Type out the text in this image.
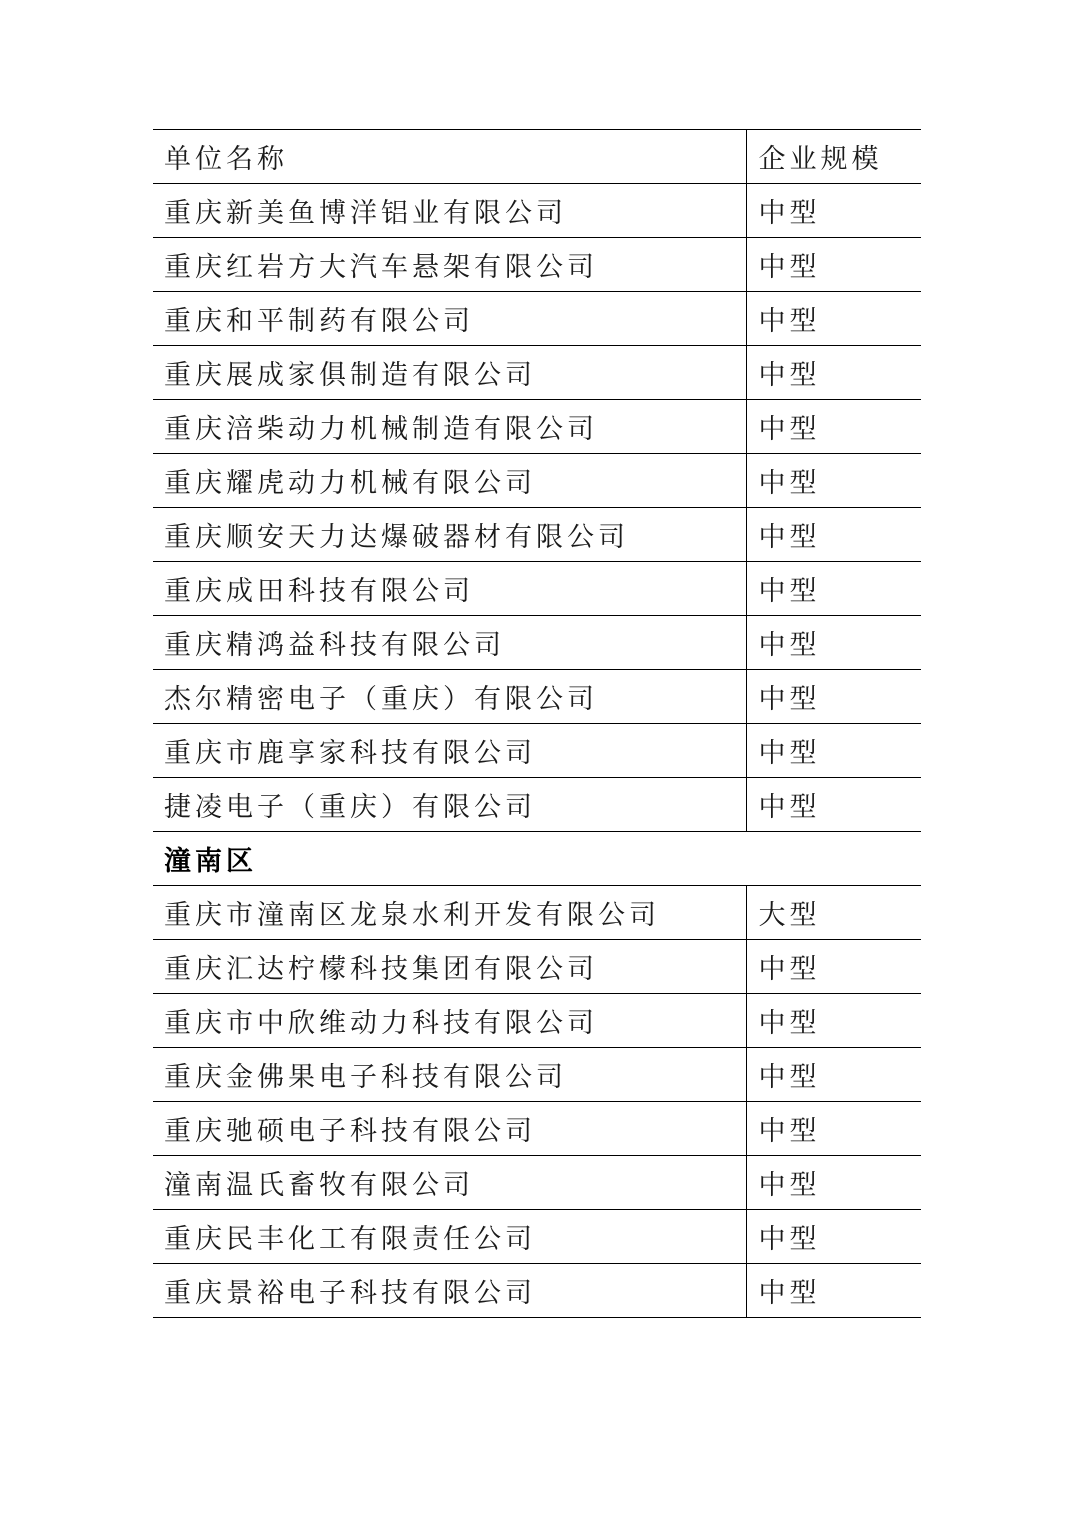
单位名称	企业规模
重庆新美鱼博洋铝业有限公司	中型
重庆红岩方大汽车悬架有限公司	中型
重庆和平制药有限公司	中型
重庆展成家俱制造有限公司	中型
重庆涪柴动力机械制造有限公司	中型
重庆耀虎动力机械有限公司	中型
重庆顺安天力达爆破器材有限公司	中型
重庆成田科技有限公司	中型
重庆精鸿益科技有限公司	中型
杰尔精密电子（重庆）有限公司	中型
重庆市鹿享家科技有限公司	中型
捷凌电子（重庆）有限公司	中型
潼南区	
重庆市潼南区龙泉水利开发有限公司	大型
重庆汇达柠檬科技集团有限公司	中型
重庆市中欣维动力科技有限公司	中型
重庆金佛果电子科技有限公司	中型
重庆驰硕电子科技有限公司	中型
潼南温氏畜牧有限公司	中型
重庆民丰化工有限责任公司	中型
重庆景裕电子科技有限公司	中型
